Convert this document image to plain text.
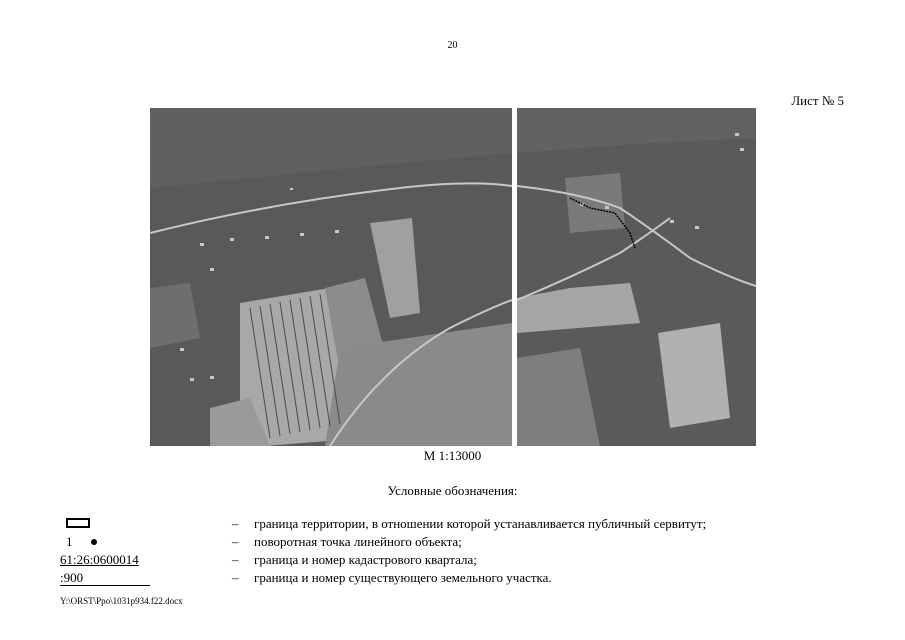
20
Лист № 5
М 1:13000
Условные обозначения:
– граница территории, в отношении которой устанавливается публичный сервитут;
1	– поворотная точка линейного объекта;
61:26:0600014	– граница и номер кадастрового квартала;
:900	– граница и номер существующего земельного участка.
Y:\ORST\Ppo\1031p934.f22.docx
